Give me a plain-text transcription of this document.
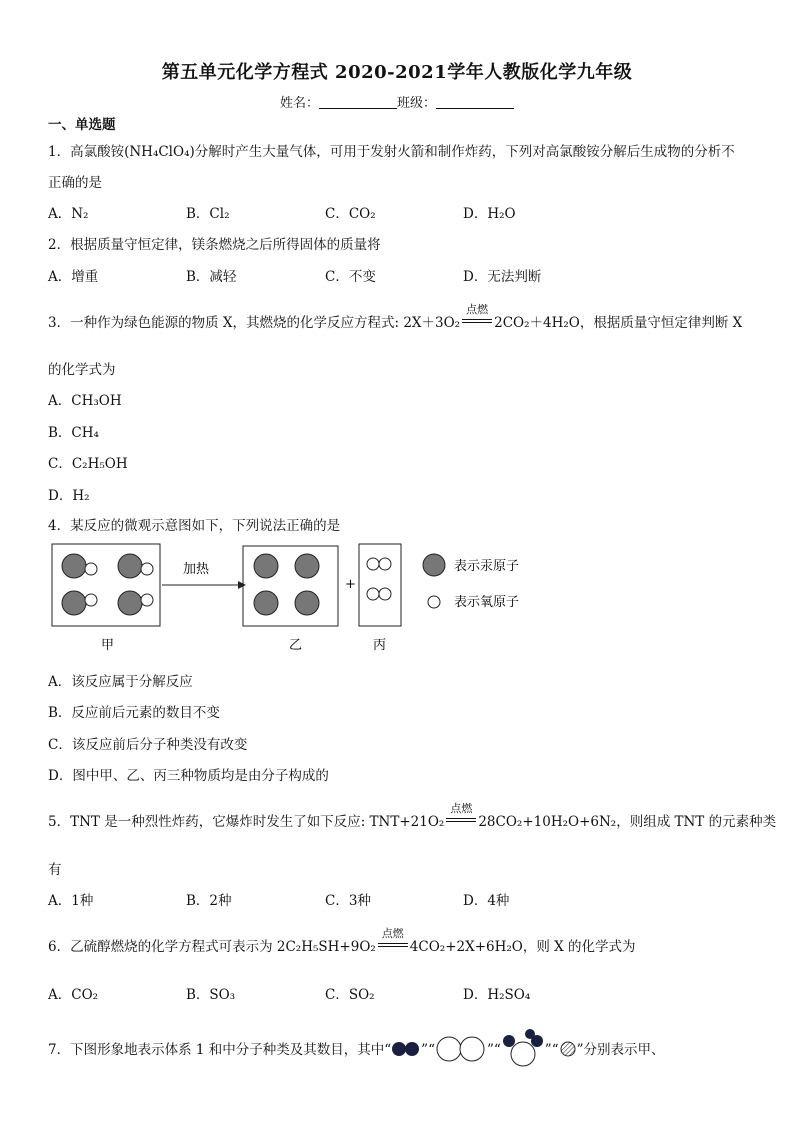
第五单元化学方程式 2020-2021学年人教版化学九年级
姓名：	班级：
一、单选题
1．高氯酸铵(NH₄ClO₄)分解时产生大量气体，可用于发射火箭和制作炸药，下列对高氯酸铵分解后生成物的分析不
正确的是
A．N₂	B．Cl₂	C．CO₂	D．H₂O
2．根据质量守恒定律，镁条燃烧之后所得固体的质量将
A．增重	B．减轻	C．不变	D．无法判断
3．一种作为绿色能源的物质 X，其燃烧的化学反应方程式: 2X＋3O₂
点燃
2CO₂＋4H₂O，根据质量守恒定律判断 X
的化学式为
A．CH₃OH
B．CH₄
C．C₂H₅OH
D．H₂
4．某反应的微观示意图如下，下列说法正确的是
加热
+
表示汞原子
表示氧原子
甲	乙	丙
A．该反应属于分解反应
B．反应前后元素的数目不变
C．该反应前后分子种类没有改变
D．图中甲、乙、丙三种物质均是由分子构成的
5．TNT 是一种烈性炸药，它爆炸时发生了如下反应: TNT+21O₂
点燃
28CO₂+10H₂O+6N₂，则组成 TNT 的元素种类
有
A．1种	B．2种	C．3种	D．4种
6．乙硫醇燃烧的化学方程式可表示为 2C₂H₅SH+9O₂
点燃
4CO₂+2X+6H₂O，则 X 的化学式为
A．CO₂	B．SO₃	C．SO₂	D．H₂SO₄
7．下图形象地表示体系 1 和中分子种类及其数目，其中“ ”“	”“	”“ ”分别表示甲、
